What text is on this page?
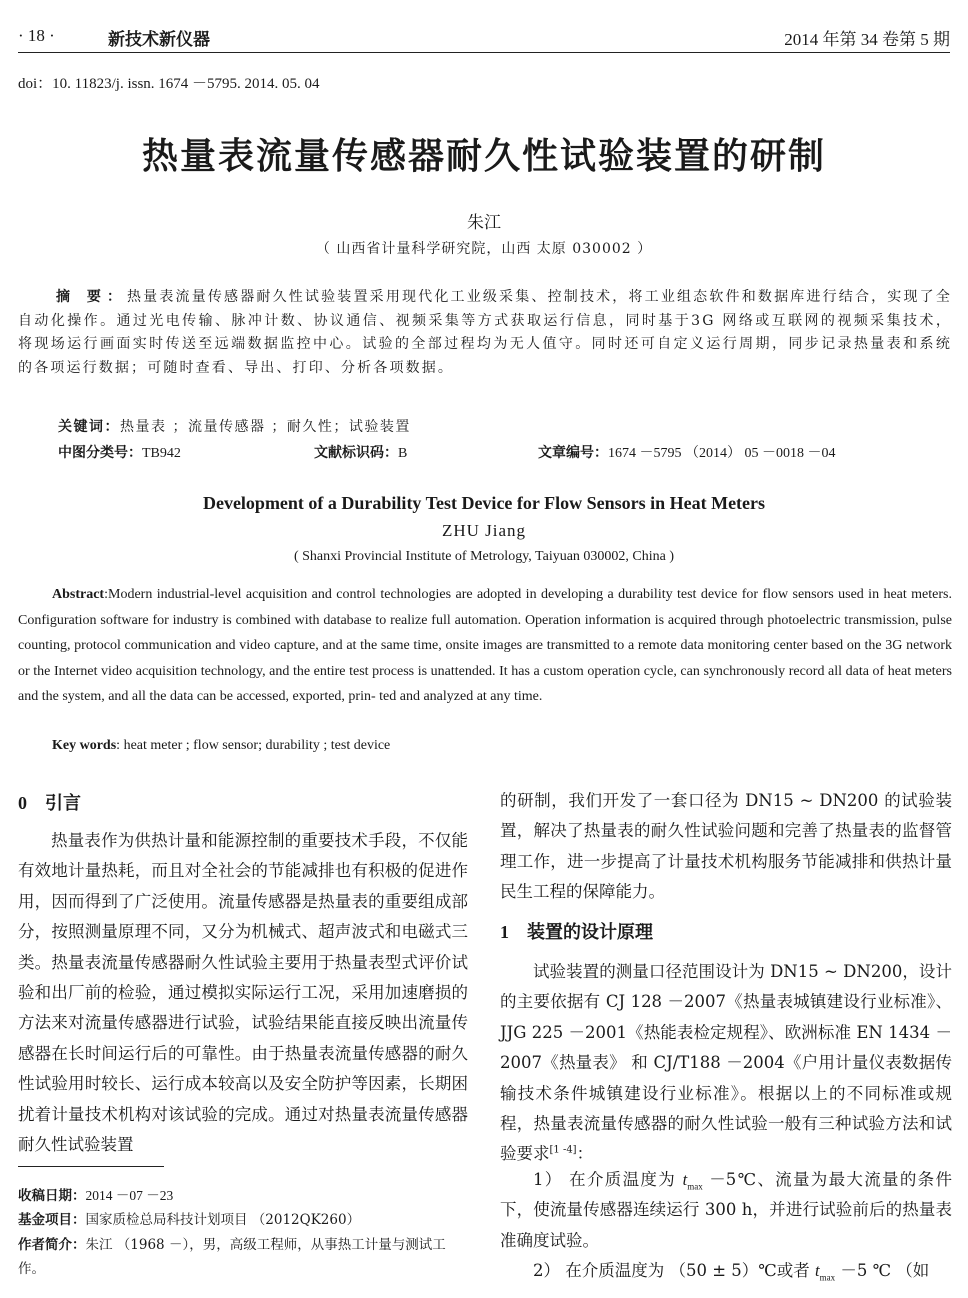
· 18 ·	新技术新仪器	2014 年第 34 卷第 5 期
doi：10. 11823/j. issn. 1674 －5795. 2014. 05. 04
热量表流量传感器耐久性试验装置的研制
朱江
（ 山西省计量科学研究院，山西 太原 030002 ）
摘 要：热量表流量传感器耐久性试验装置采用现代化工业级采集、控制技术，将工业组态软件和数据库进行结合，实现了全自动化操作。通过光电传输、脉冲计数、协议通信、视频采集等方式获取运行信息，同时基于3G 网络或互联网的视频采集技术，将现场运行画面实时传送至远端数据监控中心。试验的全部过程均为无人值守。同时还可自定义运行周期，同步记录热量表和系统的各项运行数据；可随时查看、导出、打印、分析各项数据。
关键词：热量表 ；流量传感器 ；耐久性；试验装置
中图分类号：TB942	文献标识码：B	文章编号：1674 －5795 （2014） 05 －0018 －04
Development of a Durability Test Device for Flow Sensors in Heat Meters
ZHU Jiang
( Shanxi Provincial Institute of Metrology, Taiyuan 030002, China )
Abstract:Modern industrial-level acquisition and control technologies are adopted in developing a durability test device for flow sensors used in heat meters. Configuration software for industry is combined with database to realize full automation. Operation information is acquired through photoelectric transmission, pulse counting, protocol communication and video capture, and at the same time, onsite images are transmitted to a remote data monitoring center based on the 3G network or the Internet video acquisition technology, and the entire test process is unattended. It has a custom operation cycle, can synchronously record all data of heat meters and the system, and all the data can be accessed, exported, prin- ted and analyzed at any time.
Key words: heat meter ; flow sensor; durability ; test device
0 引言
热量表作为供热计量和能源控制的重要技术手段，不仅能有效地计量热耗，而且对全社会的节能减排也有积极的促进作用，因而得到了广泛使用。流量传感器是热量表的重要组成部分，按照测量原理不同，又分为机械式、超声波式和电磁式三类。热量表流量传感器耐久性试验主要用于热量表型式评价试验和出厂前的检验，通过模拟实际运行工况，采用加速磨损的方法来对流量传感器进行试验，试验结果能直接反映出流量传感器在长时间运行后的可靠性。由于热量表流量传感器的耐久性试验用时较长、运行成本较高以及安全防护等因素，长期困扰着计量技术机构对该试验的完成。通过对热量表流量传感器耐久性试验装置
收稿日期：2014 －07 －23
基金项目：国家质检总局科技计划项目 （2012QK260）
作者简介：朱江 （1968 －），男，高级工程师，从事热工计量与测试工作。
的研制，我们开发了一套口径为 DN15 ~ DN200 的试验装置，解决了热量表的耐久性试验问题和完善了热量表的监督管理工作，进一步提高了计量技术机构服务节能减排和供热计量民生工程的保障能力。
1 装置的设计原理
试验装置的测量口径范围设计为 DN15 ~ DN200，设计的主要依据有 CJ 128 －2007《热量表城镇建设行业标准》、JJG 225 －2001《热能表检定规程》、欧洲标准 EN 1434 －2007《热量表》 和 CJ/T188 －2004《户用计量仪表数据传输技术条件城镇建设行业标准》。根据以上的不同标准或规程，热量表流量传感器的耐久性试验一般有三种试验方法和试验要求[1 -4]：
1） 在介质温度为 $t_{max}$ －5℃、流量为最大流量的条件下，使流量传感器连续运行 300 h，并进行试验前后的热量表准确度试验。
2） 在介质温度为 （50 ± 5）℃或者 $t_{max} -5$ ℃ （如
